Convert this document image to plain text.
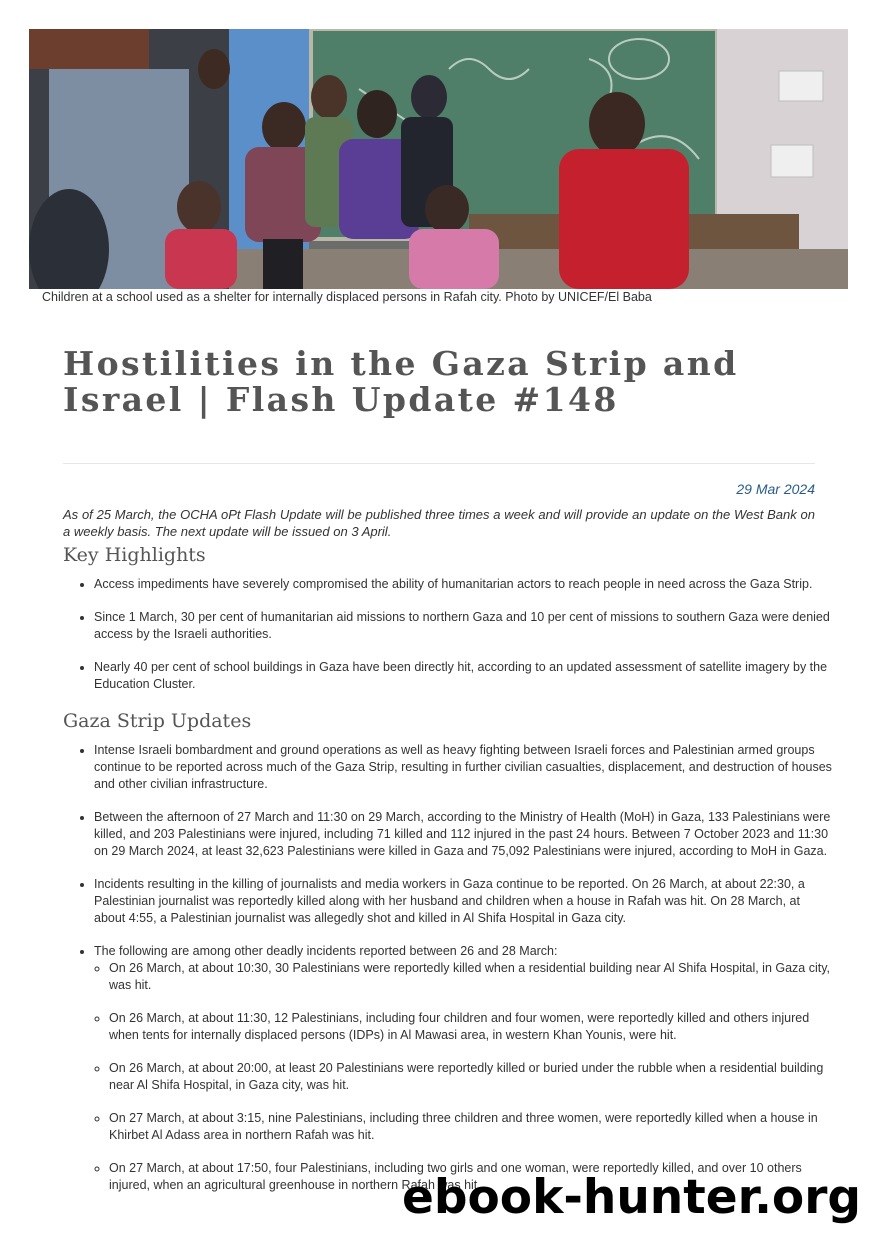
Children at a school used as a shelter for internally displaced persons in Rafah city. Photo by UNICEF/El Baba
Hostilities in the Gaza Strip and Israel | Flash Update #148
29 Mar 2024

As of 25 March, the OCHA oPt Flash Update will be published three times a week and will provide an update on the West Bank on a weekly basis. The next update will be issued on 3 April.

Key Highlights
• Access impediments have severely compromised the ability of humanitarian actors to reach people in need across the Gaza Strip.
• Since 1 March, 30 per cent of humanitarian aid missions to northern Gaza and 10 per cent of missions to southern Gaza were denied access by the Israeli authorities.
• Nearly 40 per cent of school buildings in Gaza have been directly hit, according to an updated assessment of satellite imagery by the Education Cluster.
Gaza Strip Updates
• Intense Israeli bombardment and ground operations as well as heavy fighting between Israeli forces and Palestinian armed groups continue to be reported across much of the Gaza Strip, resulting in further civilian casualties, displacement, and destruction of houses and other civilian infrastructure.
• Between the afternoon of 27 March and 11:30 on 29 March, according to the Ministry of Health (MoH) in Gaza, 133 Palestinians were killed, and 203 Palestinians were injured, including 71 killed and 112 injured in the past 24 hours. Between 7 October 2023 and 11:30 on 29 March 2024, at least 32,623 Palestinians were killed in Gaza and 75,092 Palestinians were injured, according to MoH in Gaza.
• Incidents resulting in the killing of journalists and media workers in Gaza continue to be reported. On 26 March, at about 22:30, a Palestinian journalist was reportedly killed along with her husband and children when a house in Rafah was hit. On 28 March, at about 4:55, a Palestinian journalist was allegedly shot and killed in Al Shifa Hospital in Gaza city.
• The following are among other deadly incidents reported between 26 and 28 March:
◦ On 26 March, at about 10:30, 30 Palestinians were reportedly killed when a residential building near Al Shifa Hospital, in Gaza city, was hit.
◦ On 26 March, at about 11:30, 12 Palestinians, including four children and four women, were reportedly killed and others injured when tents for internally displaced persons (IDPs) in Al Mawasi area, in western Khan Younis, were hit.
◦ On 26 March, at about 20:00, at least 20 Palestinians were reportedly killed or buried under the rubble when a residential building near Al Shifa Hospital, in Gaza city, was hit.
◦ On 27 March, at about 3:15, nine Palestinians, including three children and three women, were reportedly killed when a house in Khirbet Al Adass area in northern Rafah was hit.
◦ On 27 March, at about 17:50, four Palestinians, including two girls and one woman, were reportedly killed, and over 10 others injured, when an agricultural greenhouse in northern Rafah was hit.
ebook-hunter.org
